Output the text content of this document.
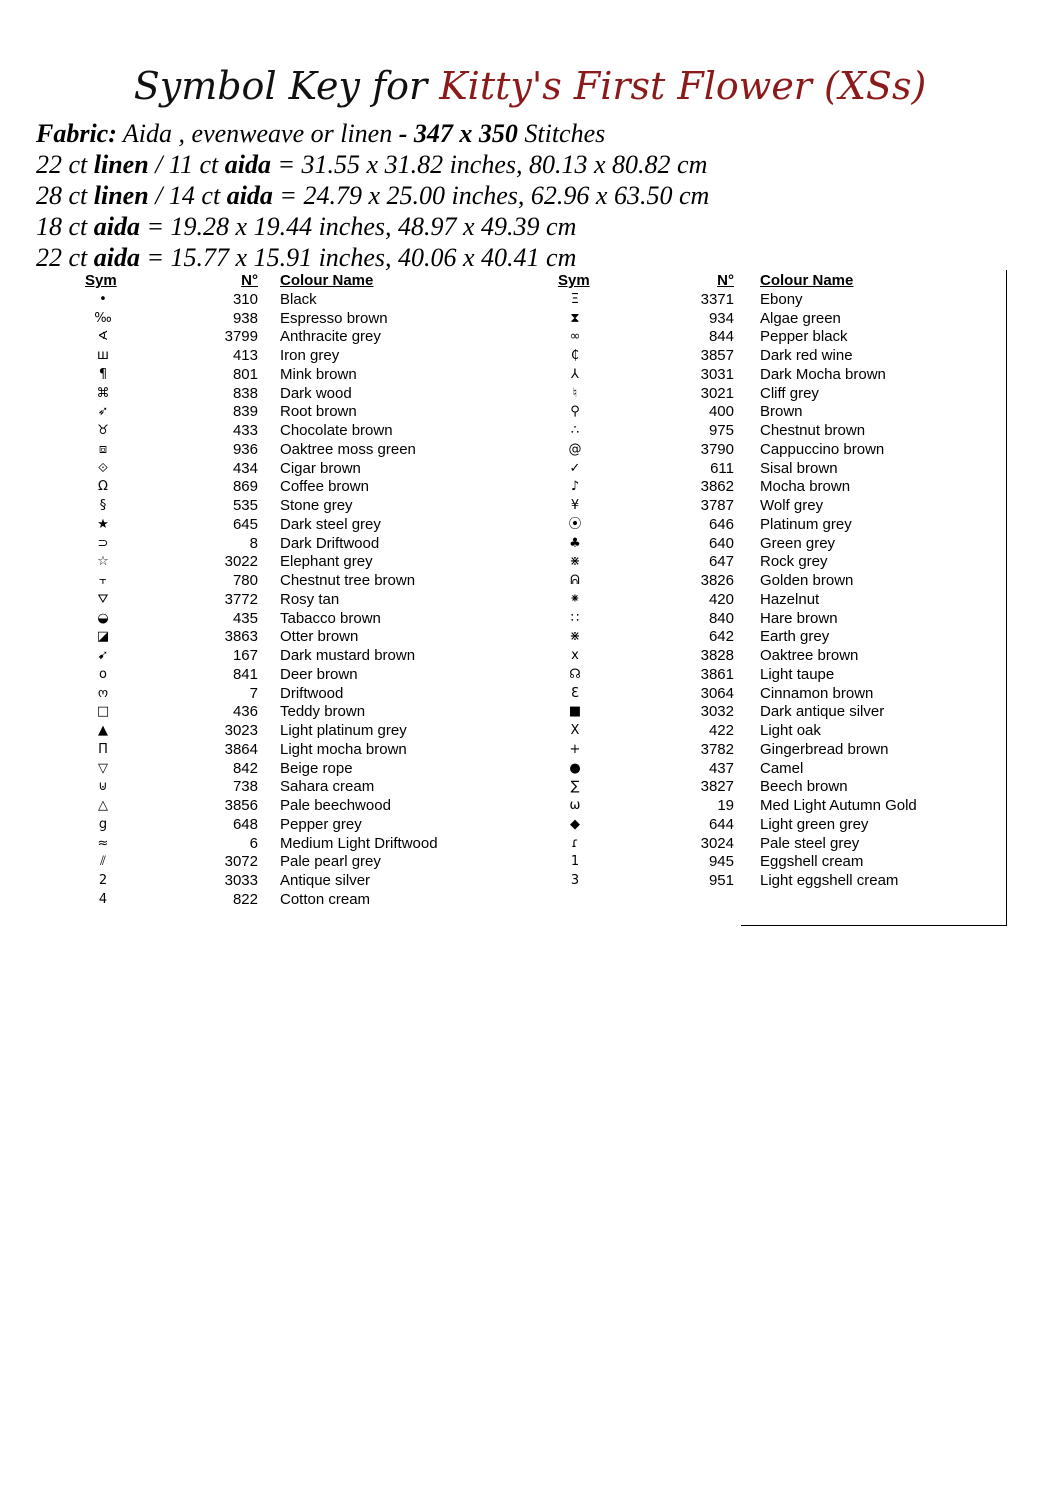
Symbol Key for Kitty's First Flower (XSs)
Fabric: Aida , evenweave or linen - 347 x 350 Stitches
22 ct linen / 11 ct aida = 31.55 x 31.82 inches, 80.13 x 80.82 cm
28 ct linen / 14 ct aida = 24.79 x 25.00 inches, 62.96 x 63.50 cm
18 ct aida = 19.28 x 19.44 inches, 48.97 x 49.39 cm
22 ct aida = 15.77 x 15.91 inches, 40.06 x 40.41 cm
Sym	N° Colour Name	Sym	N° Colour Name
•	310 Black
‰	938 Espresso brown
∢	3799 Anthracite grey
ш	413 Iron grey
¶	801 Mink brown
⌘	838 Dark wood
➶	839 Root brown
♉	433 Chocolate brown
⧈	936 Oaktree moss green
⟐	434 Cigar brown
Ω	869 Coffee brown
§	535 Stone grey
★	645 Dark steel grey
⊃	8 Dark Driftwood
☆	3022 Elephant grey
⫟	780 Chestnut tree brown
⛛	3772 Rosy tan
◒	435 Tabacco brown
◪	3863 Otter brown
➹	167 Dark mustard brown
o	841 Deer brown
ო	7 Driftwood
□	436 Teddy brown
▲	3023 Light platinum grey
Π	3864 Light mocha brown
▽	842 Beige rope
⊍	738 Sahara cream
△	3856 Pale beechwood
g	648 Pepper grey
≈	6 Medium Light Driftwood
⫽	3072 Pale pearl grey
2	3033 Antique silver
4	822 Cotton cream
Ξ	3371 Ebony
⧗	934 Algae green
∞	844 Pepper black
₵	3857 Dark red wine
⅄	3031 Dark Mocha brown
♮	3021 Cliff grey
⚲	400 Brown
∴	975 Chestnut brown
@	3790 Cappuccino brown
✓	611 Sisal brown
♪	3862 Mocha brown
¥	3787 Wolf grey
⦿	646 Platinum grey
♣	640 Green grey
⋇	647 Rock grey
ᕱ	3826 Golden brown
⁕	420 Hazelnut
∷	840 Hare brown
⋇	642 Earth grey
x	3828 Oaktree brown
☊	3861 Light taupe
Ɛ	3064 Cinnamon brown
■	3032 Dark antique silver
Ⅹ	422 Light oak
+	3782 Gingerbread brown
●	437 Camel
∑	3827 Beech brown
ω	19 Med Light Autumn Gold
◆	644 Light green grey
ɾ	3024 Pale steel grey
1	945 Eggshell cream
3	951 Light eggshell cream
